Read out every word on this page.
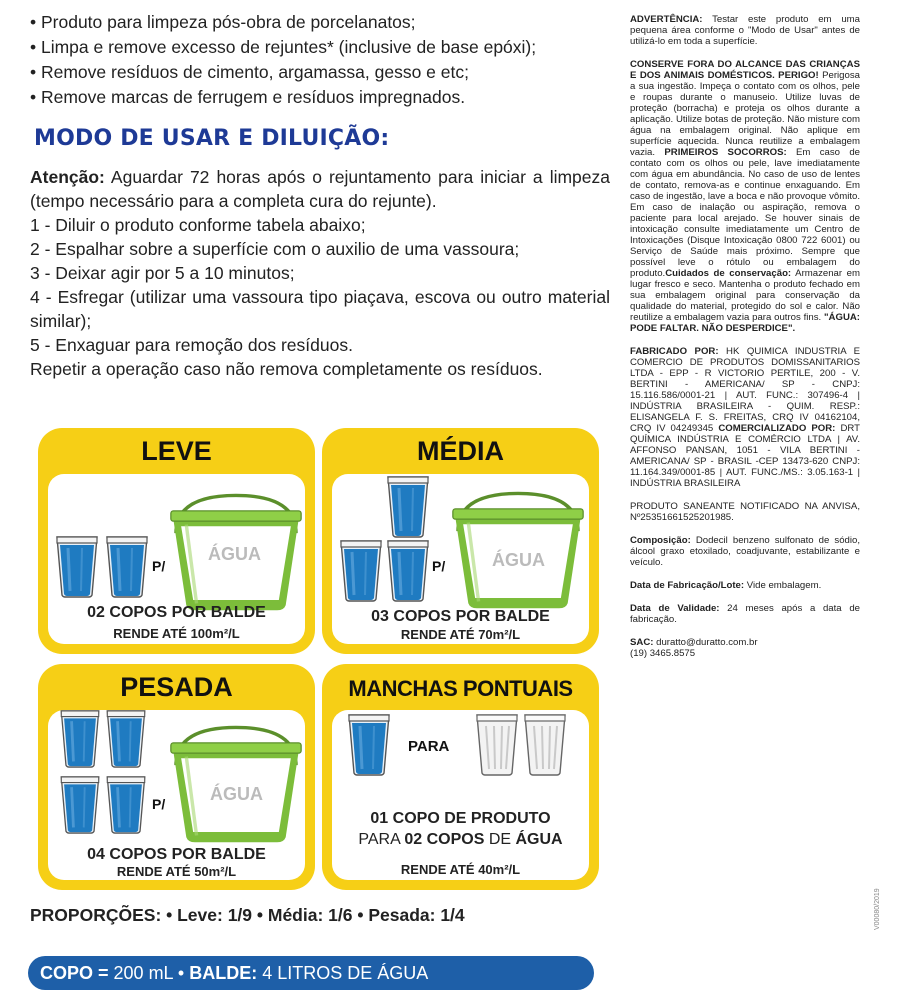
• Produto para limpeza pós-obra de porcelanatos;
• Limpa e remove excesso de rejuntes* (inclusive de base epóxi);
• Remove resíduos de cimento, argamassa, gesso e etc;
• Remove marcas de ferrugem e resíduos impregnados.
MODO DE USAR E DILUIÇÃO:
Atenção: Aguardar 72 horas após o rejuntamento para iniciar a limpeza (tempo necessário para a completa cura do rejunte).
1 - Diluir o produto conforme tabela abaixo;
2 - Espalhar sobre a superfície com o auxilio de uma vassoura;
3 - Deixar agir por 5 a 10 minutos;
4 - Esfregar (utilizar uma vassoura tipo piaçava, escova ou outro material similar);
5 - Enxaguar para remoção dos resíduos.
Repetir a operação caso não remova completamente os resíduos.
LEVE
P/
ÁGUA
02 COPOS POR BALDE
RENDE ATÉ 100m²/L
MÉDIA
P/	ÁGUA
03 COPOS POR BALDE
RENDE ATÉ 70m²/L
PESADA
P/ ÁGUA
04 COPOS POR BALDE
RENDE ATÉ 50m²/L
MANCHAS PONTUAIS
PARA
01 COPO DE PRODUTO
PARA 02 COPOS DE ÁGUA
RENDE ATÉ 40m²/L
PROPORÇÕES: • Leve: 1/9 • Média: 1/6 • Pesada: 1/4
COPO = 200 mL • BALDE: 4 LITROS DE ÁGUA

ADVERTÊNCIA: Testar este produto em uma pequena área conforme o "Modo de Usar" antes de utilizá-lo em toda a superfície.

CONSERVE FORA DO ALCANCE DAS CRIANÇAS E DOS ANIMAIS DOMÉSTICOS. PERIGO! Perigosa a sua ingestão. Impeça o contato com os olhos, pele e roupas durante o manuseio. Utilize luvas de proteção (borracha) e proteja os olhos durante a aplicação. Utilize botas de proteção. Não misture com água na embalagem original. Não aplique em superfície aquecida. Nunca reutilize a embalagem vazia. PRIMEIROS SOCORROS: Em caso de contato com os olhos ou pele, lave imediatamente com água em abundância. No caso de uso de lentes de contato, remova-as e continue enxaguando. Em caso de ingestão, lave a boca e não provoque vômito. Em caso de inalação ou aspiração, remova o paciente para local arejado. Se houver sinais de intoxicação consulte imediatamente um Centro de Intoxicações (Disque Intoxicação 0800 722 6001) ou Serviço de Saúde mais próximo. Sempre que possível leve o rótulo ou embalagem do produto.Cuidados de conservação: Armazenar em lugar fresco e seco. Mantenha o produto fechado em sua embalagem original para conservação da qualidade do material, protegido do sol e calor. Não reutilize a embalagem vazia para outros fins. "ÁGUA: PODE FALTAR. NÃO DESPERDICE".

FABRICADO POR: HK QUIMICA INDUSTRIA E COMERCIO DE PRODUTOS DOMISSANITARIOS LTDA - EPP - R VICTORIO PERTILE, 200 - V. BERTINI - AMERICANA/ SP - CNPJ: 15.116.586/0001-21 | AUT. FUNC.: 307496-4 | INDÚSTRIA BRASILEIRA - QUIM. RESP.: ELISANGELA F. S. FREITAS, CRQ IV 04162104, CRQ IV 04249345 COMERCIALIZADO POR: DRT QUÍMICA INDÚSTRIA E COMÉRCIO LTDA | AV. AFFONSO PANSAN, 1051 - VILA BERTINI - AMERICANA/ SP - BRASIL -CEP 13473-620 CNPJ: 11.164.349/0001-85 | AUT. FUNC./MS.: 3.05.163-1 | INDÚSTRIA BRASILEIRA

PRODUTO SANEANTE NOTIFICADO NA ANVISA, Nº25351661525201985.

Composição: Dodecil benzeno sulfonato de sódio, álcool graxo etoxilado, coadjuvante, estabilizante e veículo.

Data de Fabricação/Lote: Vide embalagem.

Data de Validade: 24 meses após a data de fabricação.

SAC: duratto@duratto.com.br
(19) 3465.8575

V00080/2019
